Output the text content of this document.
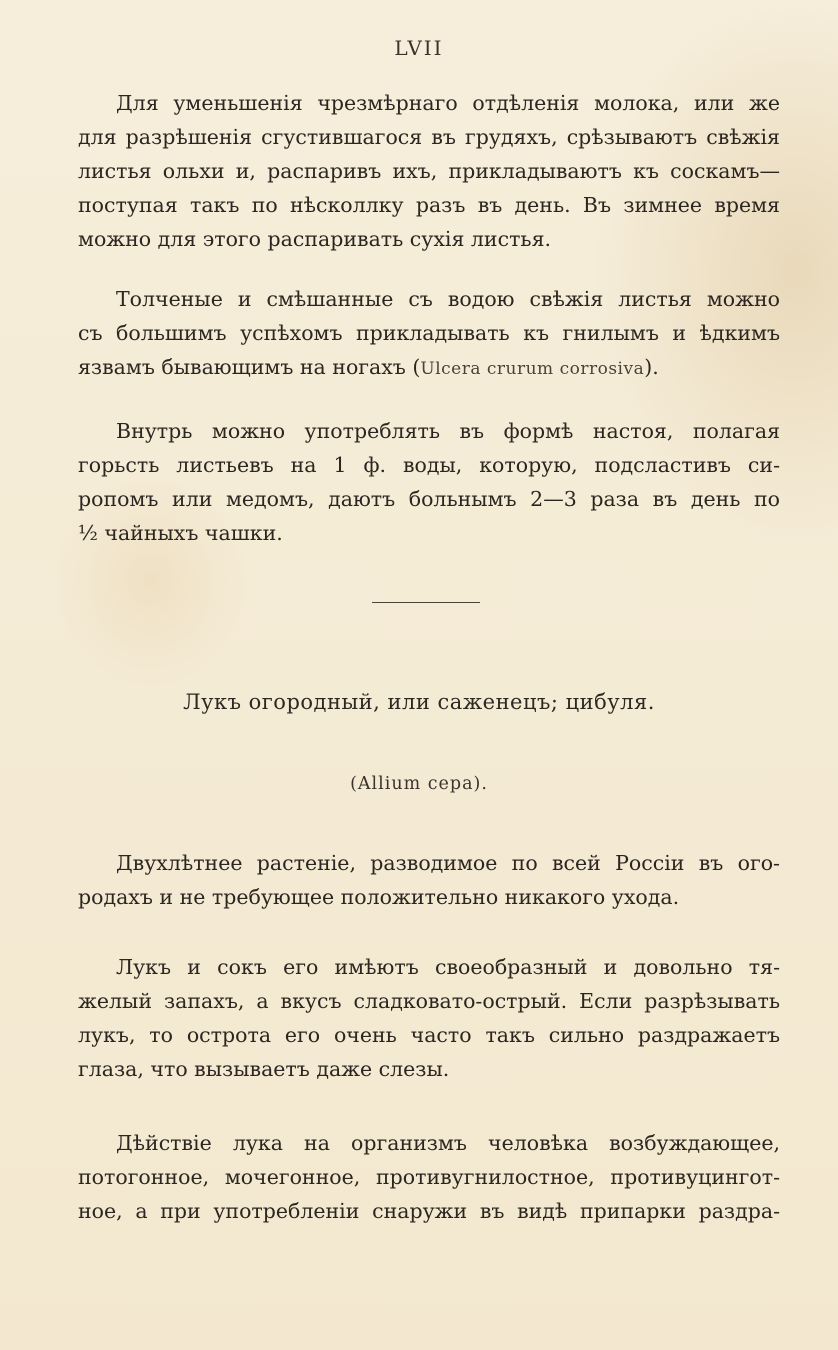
LVII
Для уменьшенія чрезмѣрнаго отдѣленія молока, или же
для разрѣшенія сгустившагося въ грудяхъ, срѣзываютъ свѣжія
листья ольхи и, распаривъ ихъ, прикладываютъ къ соскамъ—
поступая такъ по нѣсколлку разъ въ день. Въ зимнее время
можно для этого распаривать сухія листья.
Толченые и смѣшанные съ водою свѣжія листья можно
съ большимъ успѣхомъ прикладывать къ гнилымъ и ѣдкимъ
язвамъ бывающимъ на ногахъ (Ulcera crurum corrosiva).
Внутрь можно употреблять въ формѣ настоя, полагая
горьсть листьевъ на 1 ф. воды, которую, подсластивъ си-
ропомъ или медомъ, даютъ больнымъ 2—3 раза въ день по
½ чайныхъ чашки.
Лукъ огородный, или саженецъ; цибуля.
(Allium cepa).
Двухлѣтнее растеніе, разводимое по всей Россіи въ ого-
родахъ и не требующее положительно никакого ухода.
Лукъ и сокъ его имѣютъ своеобразный и довольно тя-
желый запахъ, а вкусъ сладковато-острый. Если разрѣзывать
лукъ, то острота его очень часто такъ сильно раздражаетъ
глаза, что вызываетъ даже слезы.
Дѣйствіе лука на организмъ человѣка возбуждающее,
потогонное, мочегонное, противугнилостное, противуцингот-
ное, а при употребленіи снаружи въ видѣ припарки раздра-
